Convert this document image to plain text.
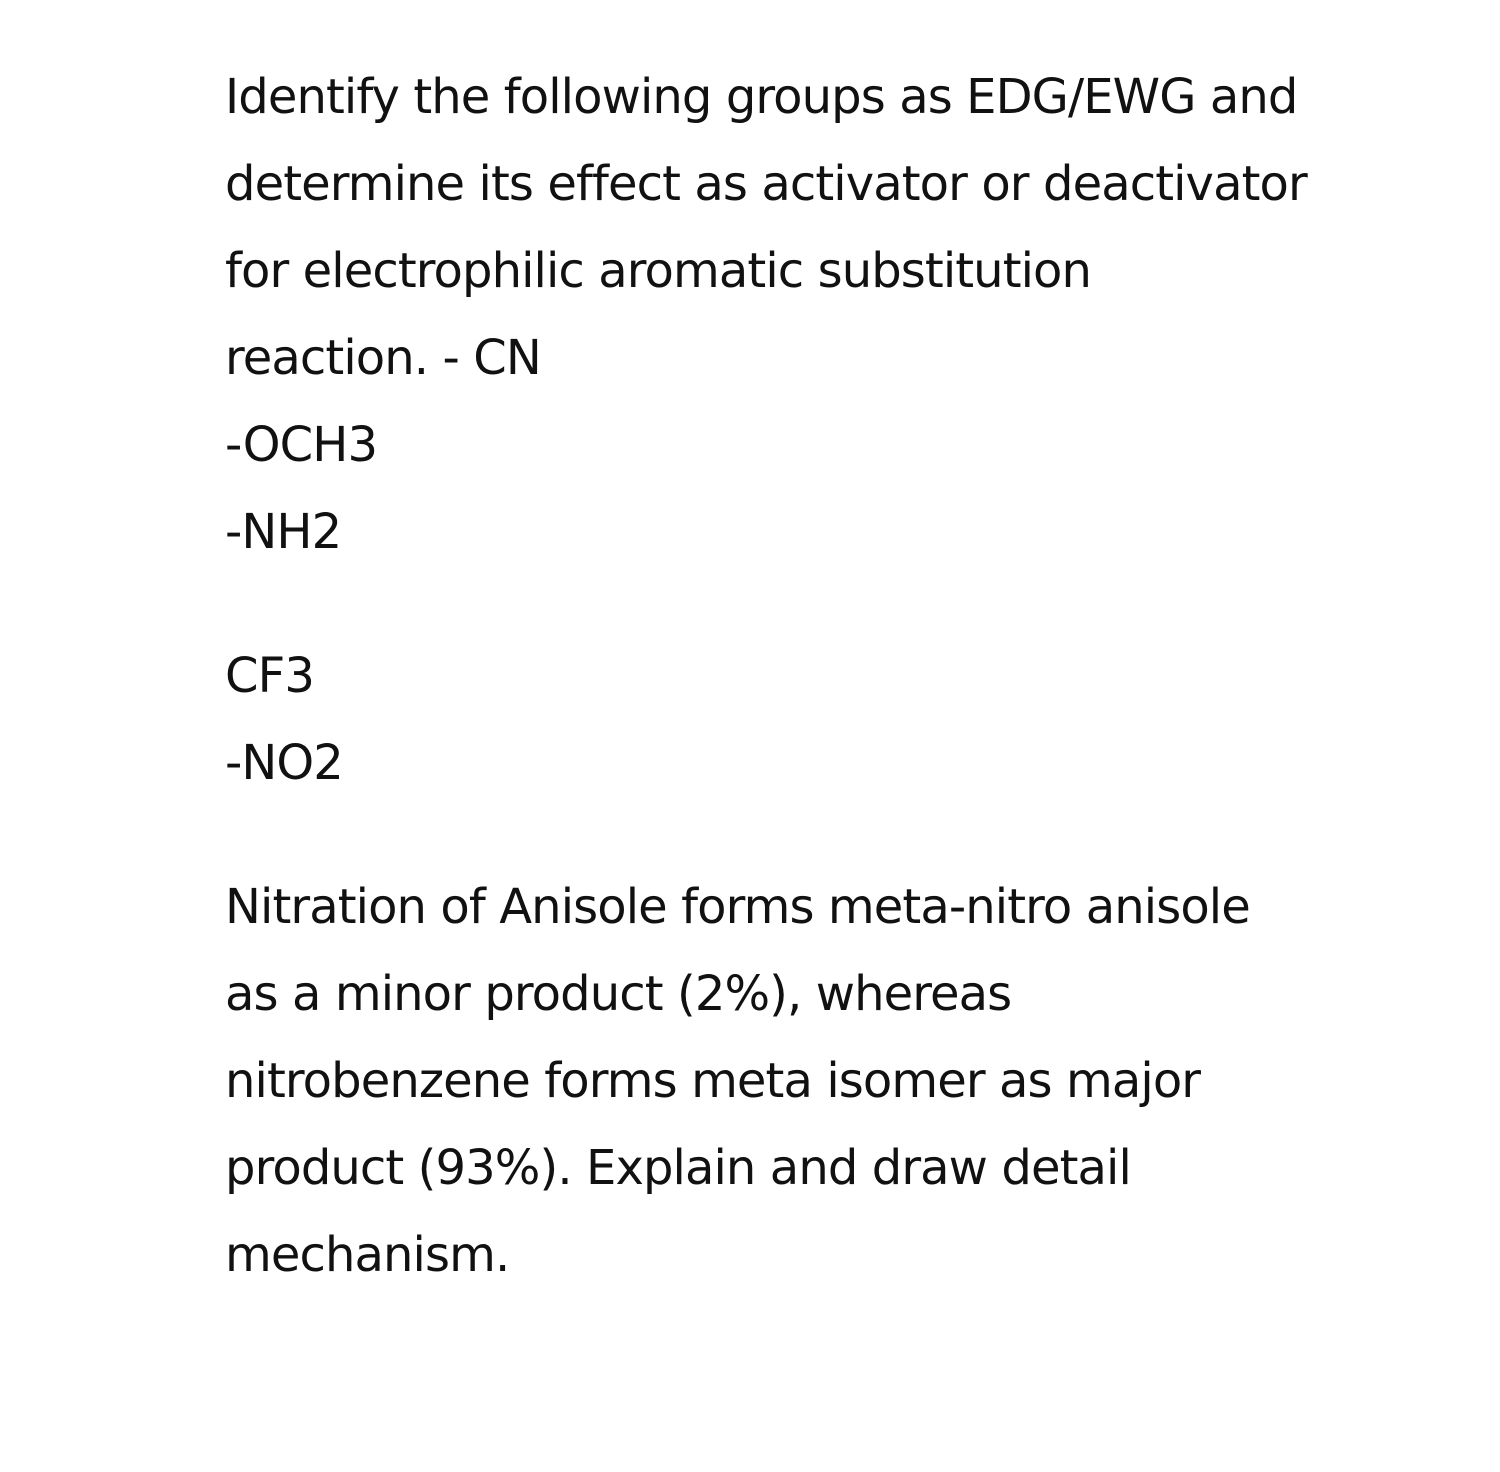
Identify the following groups as EDG/EWG and
determine its effect as activator or deactivator
for electrophilic aromatic substitution
reaction. - CN
-OCH3
-NH2
CF3
-NO2
Nitration of Anisole forms meta-nitro anisole
as a minor product (2%), whereas
nitrobenzene forms meta isomer as major
product (93%). Explain and draw detail
mechanism.
